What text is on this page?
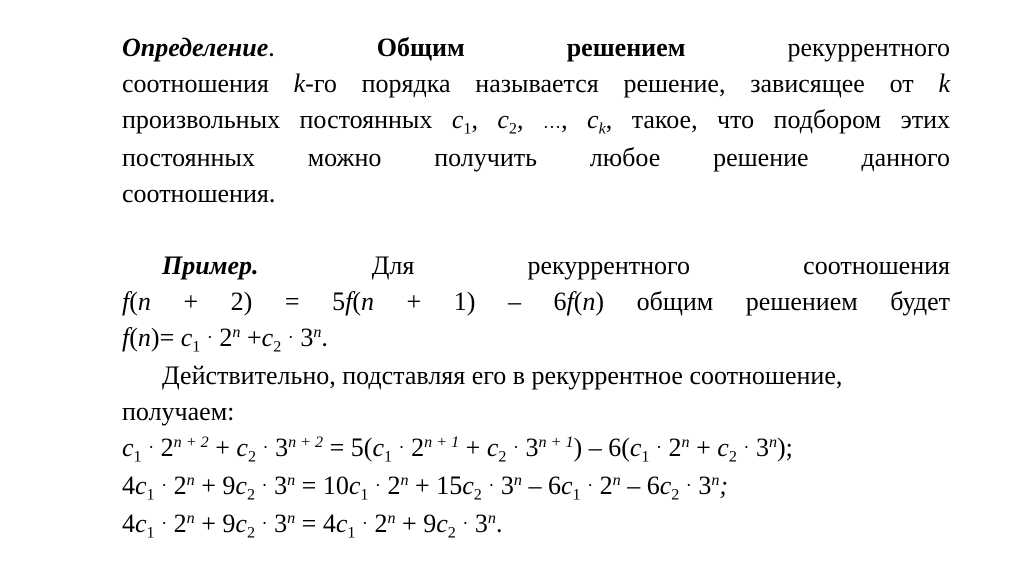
Определение.	Общим решением	рекуррентного
соотношения k-го порядка называется решение, зависящее от k
произвольных постоянных $c_1$, $c_2$, …, $c_k$, такое, что подбором этих
постоянных можно получить любое решение данного
соотношения.
Пример.	Для рекуррентного соотношения
f(n + 2) = 5f(n + 1) – 6f(n) общим решением будет
$f(n)= c_1 \cdot 2^n +c_2 \cdot 3^n$.
Действительно, подставляя его в рекуррентное соотношение,
получаем:
$c_1 \cdot 2^{n + 2} + c_2 \cdot 3^{n + 2} = 5(c_1 \cdot 2^{n + 1} + c_2 \cdot 3^{n + 1}) - 6(c_1 \cdot 2^n + c_2 \cdot 3^n)$;
$4c_1 \cdot 2^n + 9c_2 \cdot 3^n = 10c_1 \cdot 2^n + 15c_2 \cdot 3^n - 6c_1 \cdot 2^n - 6c_2 \cdot 3^n$;
$4c_1 \cdot 2^n + 9c_2 \cdot 3^n = 4c_1 \cdot 2^n + 9c_2 \cdot 3^n$.
